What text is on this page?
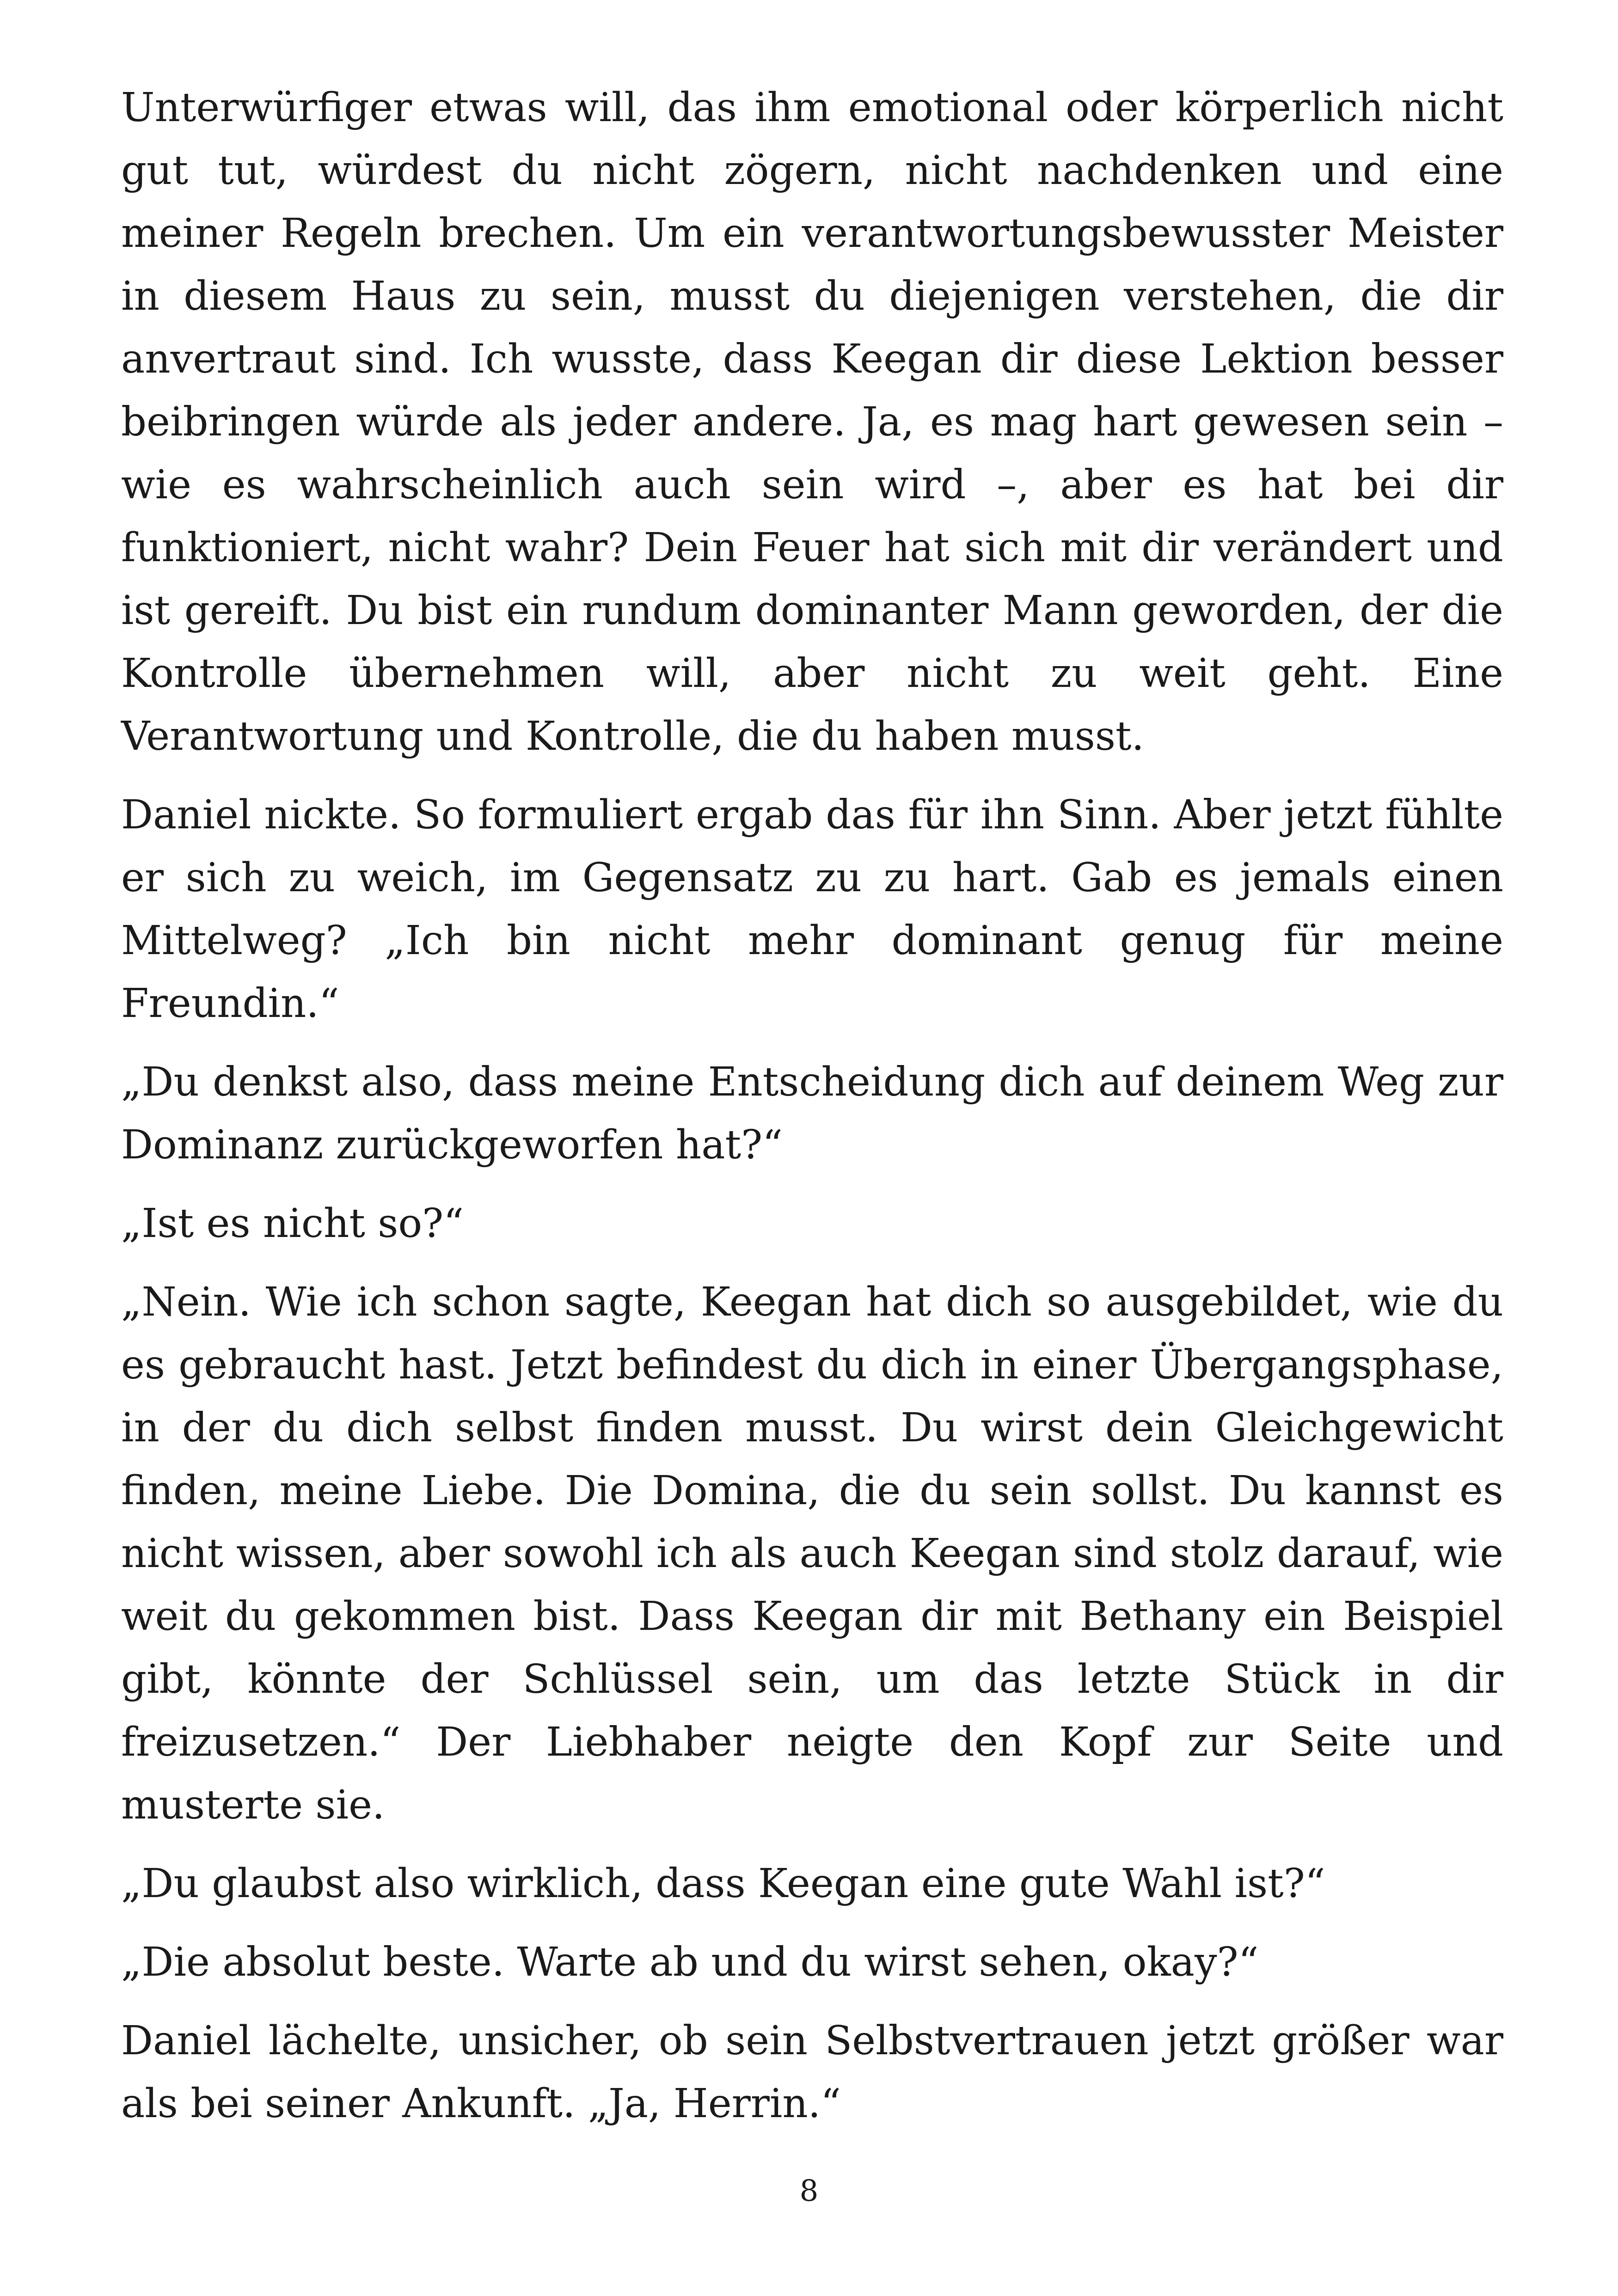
Unterwürfiger etwas will, das ihm emotional oder körperlich nicht gut tut, würdest du nicht zögern, nicht nachdenken und eine meiner Regeln brechen. Um ein verantwortungsbewusster Meister in diesem Haus zu sein, musst du diejenigen verstehen, die dir anvertraut sind. Ich wusste, dass Keegan dir diese Lektion besser beibringen würde als jeder andere. Ja, es mag hart gewesen sein – wie es wahrscheinlich auch sein wird –, aber es hat bei dir funktioniert, nicht wahr? Dein Feuer hat sich mit dir verändert und ist gereift. Du bist ein rundum dominanter Mann geworden, der die Kontrolle übernehmen will, aber nicht zu weit geht. Eine Verantwortung und Kontrolle, die du haben musst.

Daniel nickte. So formuliert ergab das für ihn Sinn. Aber jetzt fühlte er sich zu weich, im Gegensatz zu zu hart. Gab es jemals einen Mittelweg? „Ich bin nicht mehr dominant genug für meine Freundin.“

„Du denkst also, dass meine Entscheidung dich auf deinem Weg zur Dominanz zurückgeworfen hat?“

„Ist es nicht so?“

„Nein. Wie ich schon sagte, Keegan hat dich so ausgebildet, wie du es gebraucht hast. Jetzt befindest du dich in einer Übergangsphase, in der du dich selbst finden musst. Du wirst dein Gleichgewicht finden, meine Liebe. Die Domina, die du sein sollst. Du kannst es nicht wissen, aber sowohl ich als auch Keegan sind stolz darauf, wie weit du gekommen bist. Dass Keegan dir mit Bethany ein Beispiel gibt, könnte der Schlüssel sein, um das letzte Stück in dir freizusetzen.“ Der Liebhaber neigte den Kopf zur Seite und musterte sie.

„Du glaubst also wirklich, dass Keegan eine gute Wahl ist?“

„Die absolut beste. Warte ab und du wirst sehen, okay?“

Daniel lächelte, unsicher, ob sein Selbstvertrauen jetzt größer war als bei seiner Ankunft. „Ja, Herrin.“

8
